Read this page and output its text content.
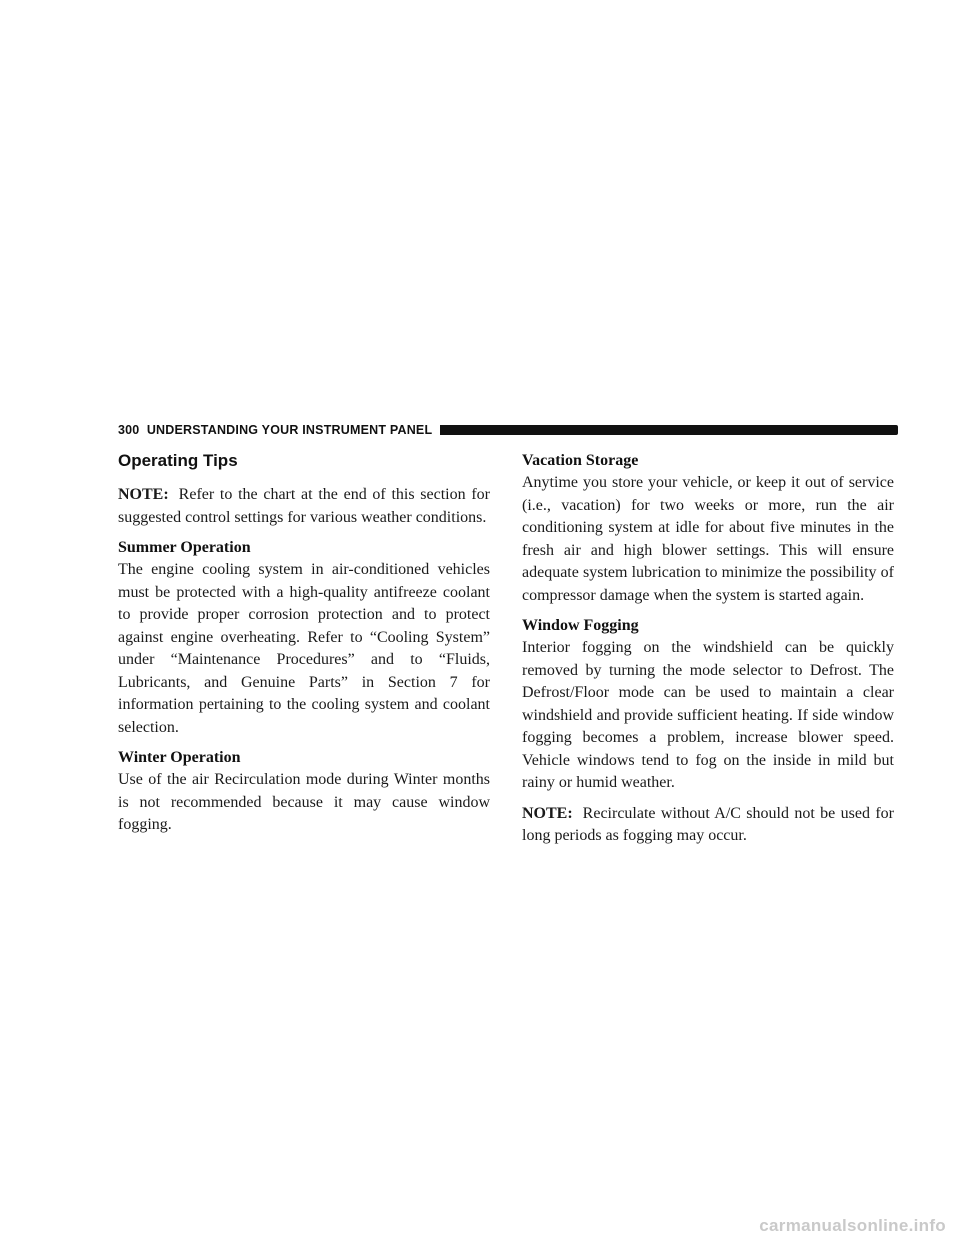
300 UNDERSTANDING YOUR INSTRUMENT PANEL
Operating Tips

NOTE: Refer to the chart at the end of this section for suggested control settings for various weather conditions.

Summer Operation

The engine cooling system in air-conditioned vehicles must be protected with a high-quality antifreeze coolant to provide proper corrosion protection and to protect against engine overheating. Refer to “Cooling System” under “Maintenance Procedures” and to “Fluids, Lubricants, and Genuine Parts” in Section 7 for information pertaining to the cooling system and coolant selection.

Winter Operation

Use of the air Recirculation mode during Winter months is not recommended because it may cause window fogging.

Vacation Storage

Anytime you store your vehicle, or keep it out of service (i.e., vacation) for two weeks or more, run the air conditioning system at idle for about five minutes in the fresh air and high blower settings. This will ensure adequate system lubrication to minimize the possibility of compressor damage when the system is started again.

Window Fogging

Interior fogging on the windshield can be quickly removed by turning the mode selector to Defrost. The Defrost/Floor mode can be used to maintain a clear windshield and provide sufficient heating. If side window fogging becomes a problem, increase blower speed. Vehicle windows tend to fog on the inside in mild but rainy or humid weather.

NOTE: Recirculate without A/C should not be used for long periods as fogging may occur.

carmanualsonline.info
